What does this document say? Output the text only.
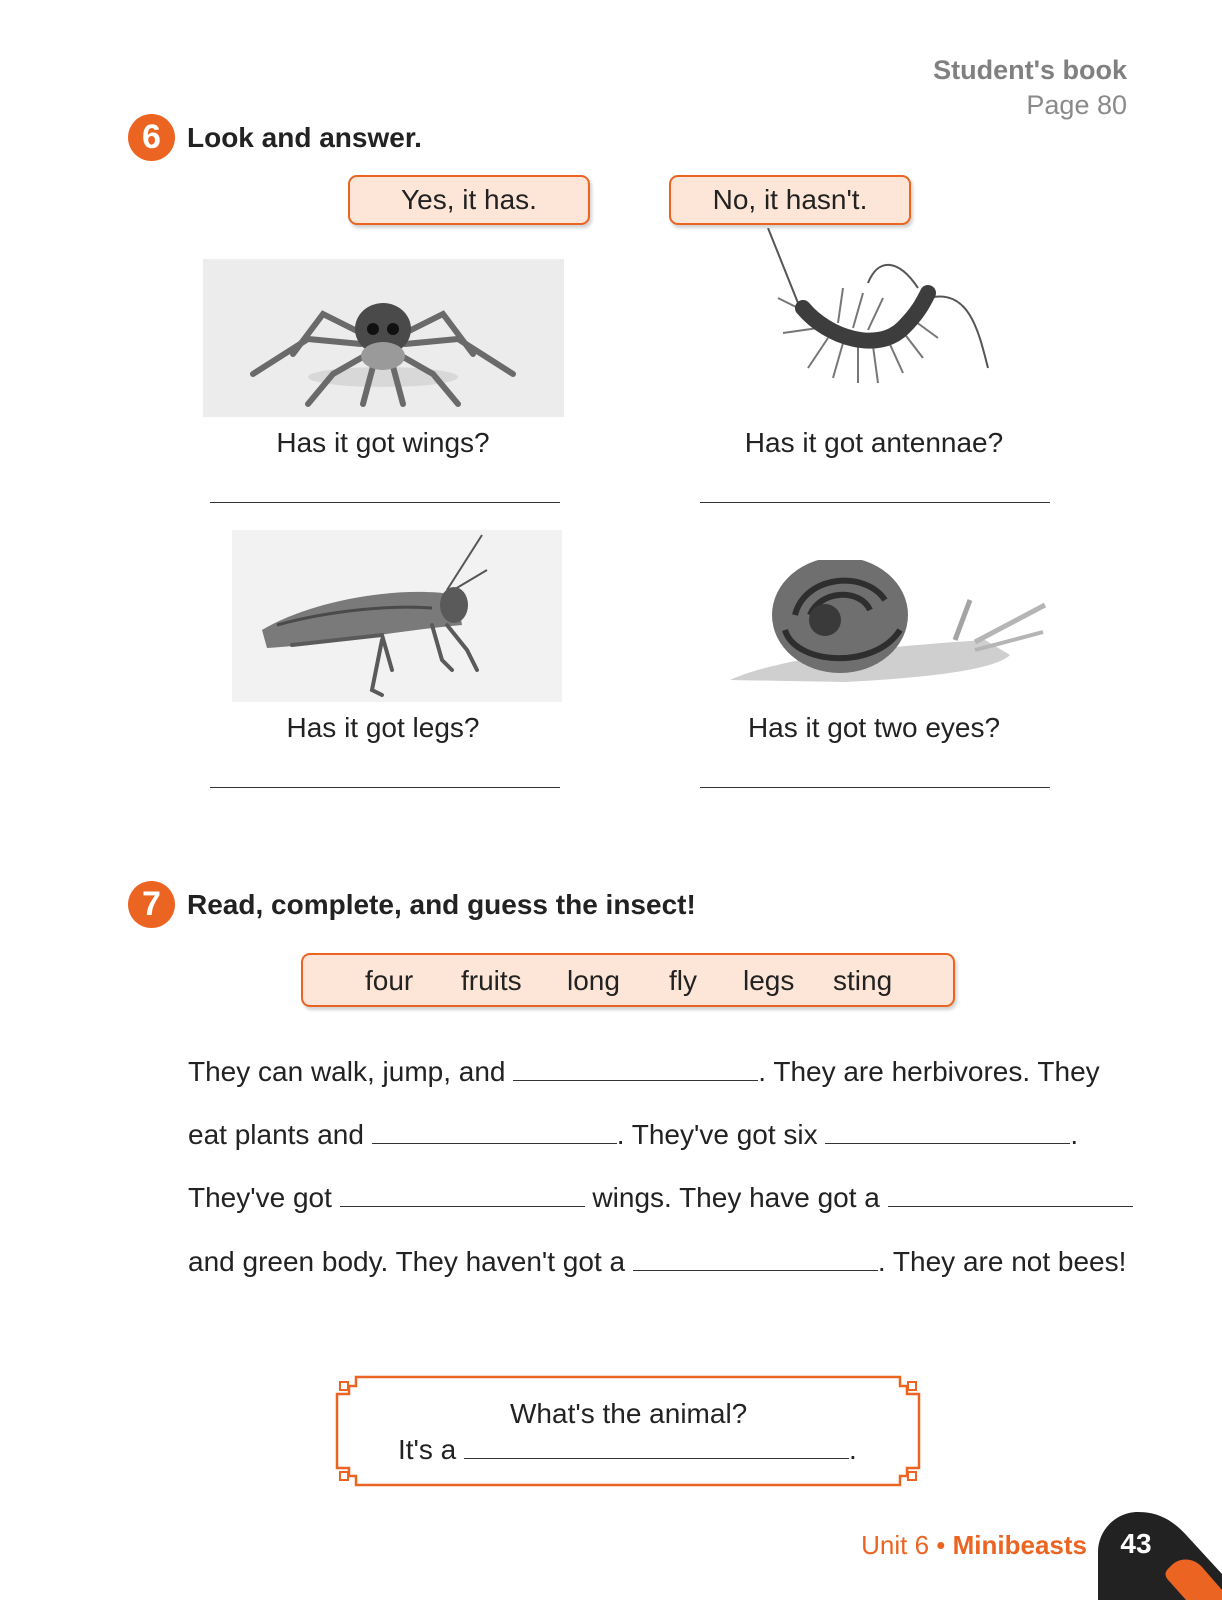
Student's book
Page 80
6 Look and answer.
Yes, it has.	No, it hasn't.
Has it got wings?	Has it got antennae?
Has it got legs?	Has it got two eyes?
7 Read, complete, and guess the insect!
four fruits long fly legs sting
They can walk, jump, and	. They are herbivores. They
eat plants and	. They've got six	.
They've got	wings. They have got a
and green body. They haven't got a	. They are not bees!
What's the animal?
It's a	.
Unit 6 • Minibeasts	43
